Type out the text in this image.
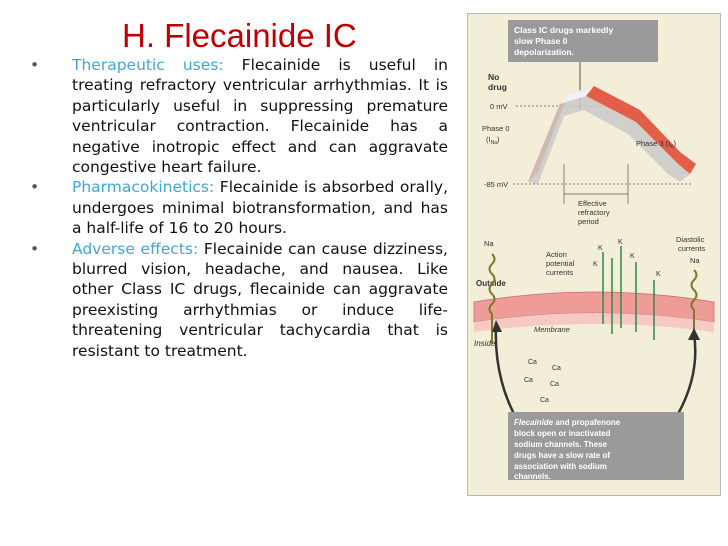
H. Flecainide IC
•	Therapeutic uses: Flecainide is useful in treating refractory ventricular arrhythmias. It is particularly useful in suppressing premature ventricular contraction. Flecainide has a negative inotropic effect and can aggravate congestive heart failure.
•	Pharmacokinetics: Flecainide is absorbed orally, undergoes minimal biotransformation, and has a half-life of 16 to 20 hours.
•	Adverse effects: Flecainide can cause dizziness, blurred vision, headache, and nausea. Like other Class IC drugs, flecainide can aggravate preexisting arrhythmias or induce life-threatening ventricular tachycardia that is resistant to treatment.
Class IC drugs markedly
slow Phase 0
depolarization.
No
drug
0 mV
Phase 0
$(I_{Na})$
-85 mV
Phase 3 $(I_K)$
Effective
refractory
period
Diastolic
currents
Na
Na
K
K
K
K
K
Action
potential
currents
Outside
Membrane
Inside
Ca
Ca
Ca
Ca
Ca
Flecainide and propafenone
block open or inactivated
sodium channels. These
drugs have a slow rate of
association with sodium
channels.
